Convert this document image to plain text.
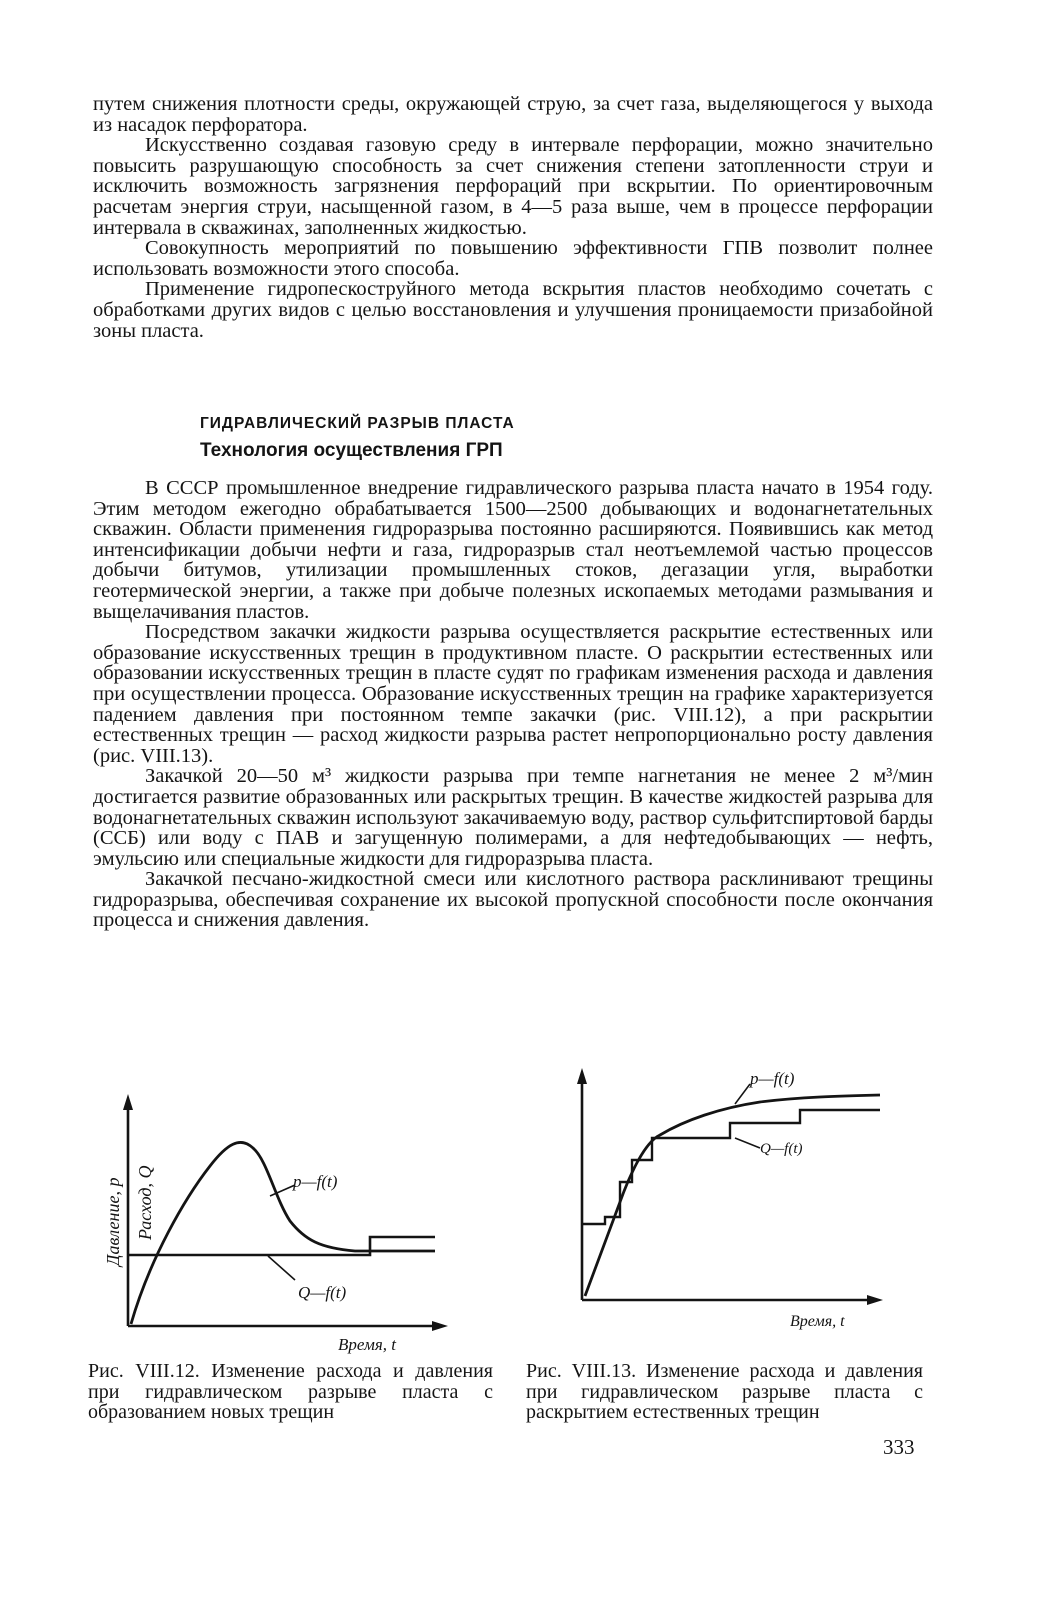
путем снижения плотности среды, окружающей струю, за счет газа, выделяющегося у выхода из насадок перфоратора.

Искусственно создавая газовую среду в интервале перфорации, можно значительно повысить разрушающую способность за счет снижения степени затопленности струи и исключить возможность загрязнения перфораций при вскрытии. По ориентировочным расчетам энергия струи, насыщенной газом, в 4—5 раза выше, чем в процессе перфорации интервала в скважинах, заполненных жидкостью.

Совокупность мероприятий по повышению эффективности ГПВ позволит полнее использовать возможности этого способа.

Применение гидропескоструйного метода вскрытия пластов необходимо сочетать с обработками других видов с целью восстановления и улучшения проницаемости призабойной зоны пласта.

ГИДРАВЛИЧЕСКИЙ РАЗРЫВ ПЛАСТА
Технология осуществления ГРП

В СССР промышленное внедрение гидравлического разрыва пласта начато в 1954 году. Этим методом ежегодно обрабатывается 1500—2500 добывающих и водонагнетательных скважин. Области применения гидроразрыва постоянно расширяются. Появившись как метод интенсификации добычи нефти и газа, гидроразрыв стал неотъемлемой частью процессов добычи битумов, утилизации промышленных стоков, дегазации угля, выработки геотермической энергии, а также при добыче полезных ископаемых методами размывания и выщелачивания пластов.

Посредством закачки жидкости разрыва осуществляется раскрытие естественных или образование искусственных трещин в продуктивном пласте. О раскрытии естественных или образовании искусственных трещин в пласте судят по графикам изменения расхода и давления при осуществлении процесса. Образование искусственных трещин на графике характеризуется падением давления при постоянном темпе закачки (рис. VIII.12), а при раскрытии естественных трещин — расход жидкости разрыва растет непропорционально росту давления (рис. VIII.13).

Закачкой 20—50 м³ жидкости разрыва при темпе нагнетания не менее 2 м³/мин достигается развитие образованных или раскрытых трещин. В качестве жидкостей разрыва для водонагнетательных скважин используют закачиваемую воду, раствор сульфитспиртовой барды (ССБ) или воду с ПАВ и загущенную полимерами, а для нефтедобывающих — нефть, эмульсию или специальные жидкости для гидроразрыва пласта.

Закачкой песчано-жидкостной смеси или кислотного раствора расклинивают трещины гидроразрыва, обеспечивая сохранение их высокой пропускной способности после окончания процесса и снижения давления.

p—f(t)
Q—f(t)
Давление, p Расход, Q
Время, t
p—f(t)
Q—f(t)
Время, t
Рис. VIII.12. Изменение расхода и давления при гидравлическом разрыве пласта с образованием новых трещин
Рис. VIII.13. Изменение расхода и давления при гидравлическом разрыве пласта с раскрытием естественных трещин
333
